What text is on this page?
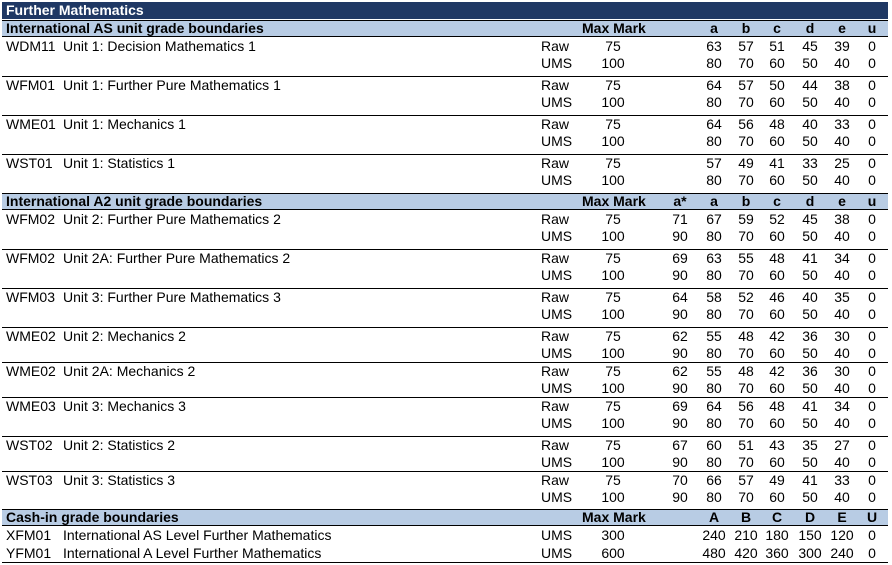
Further Mathematics
International AS unit grade boundaries	Max Mark	a	b	c	d	e	u
WDM11 Unit 1: Decision Mathematics 1	Raw	75	63	57	51	45	39	0
UMS	100	80	70	60	50	40	0
WFM01 Unit 1: Further Pure Mathematics 1	Raw	75	64	57	50	44	38	0
UMS	100	80	70	60	50	40	0
WME01 Unit 1: Mechanics 1	Raw	75	64	56	48	40	33	0
UMS	100	80	70	60	50	40	0
WST01 Unit 1: Statistics 1	Raw	75	57	49	41	33	25	0
UMS	100	80	70	60	50	40	0
International A2 unit grade boundaries	Max Mark	a*	a	b	c	d	e	u
WFM02 Unit 2: Further Pure Mathematics 2	Raw	75	71	67	59	52	45	38	0
UMS	100	90	80	70	60	50	40	0
WFM02 Unit 2A: Further Pure Mathematics 2	Raw	75	69	63	55	48	41	34	0
UMS	100	90	80	70	60	50	40	0
WFM03 Unit 3: Further Pure Mathematics 3	Raw	75	64	58	52	46	40	35	0
UMS	100	90	80	70	60	50	40	0
WME02 Unit 2: Mechanics 2	Raw	75	62	55	48	42	36	30	0
UMS	100	90	80	70	60	50	40	0
WME02 Unit 2A: Mechanics 2	Raw	75	62	55	48	42	36	30	0
UMS	100	90	80	70	60	50	40	0
WME03 Unit 3: Mechanics 3	Raw	75	69	64	56	48	41	34	0
UMS	100	90	80	70	60	50	40	0
WST02 Unit 2: Statistics 2	Raw	75	67	60	51	43	35	27	0
UMS	100	90	80	70	60	50	40	0
WST03 Unit 3: Statistics 3	Raw	75	70	66	57	49	41	33	0
UMS	100	90	80	70	60	50	40	0
Cash-in grade boundaries	Max Mark	A	B	C	D	E	U
XFM01 International AS Level Further Mathematics	UMS	300	240 210 180 150 120	0
YFM01 International A Level Further Mathematics	UMS	600	480 420 360 300 240	0
